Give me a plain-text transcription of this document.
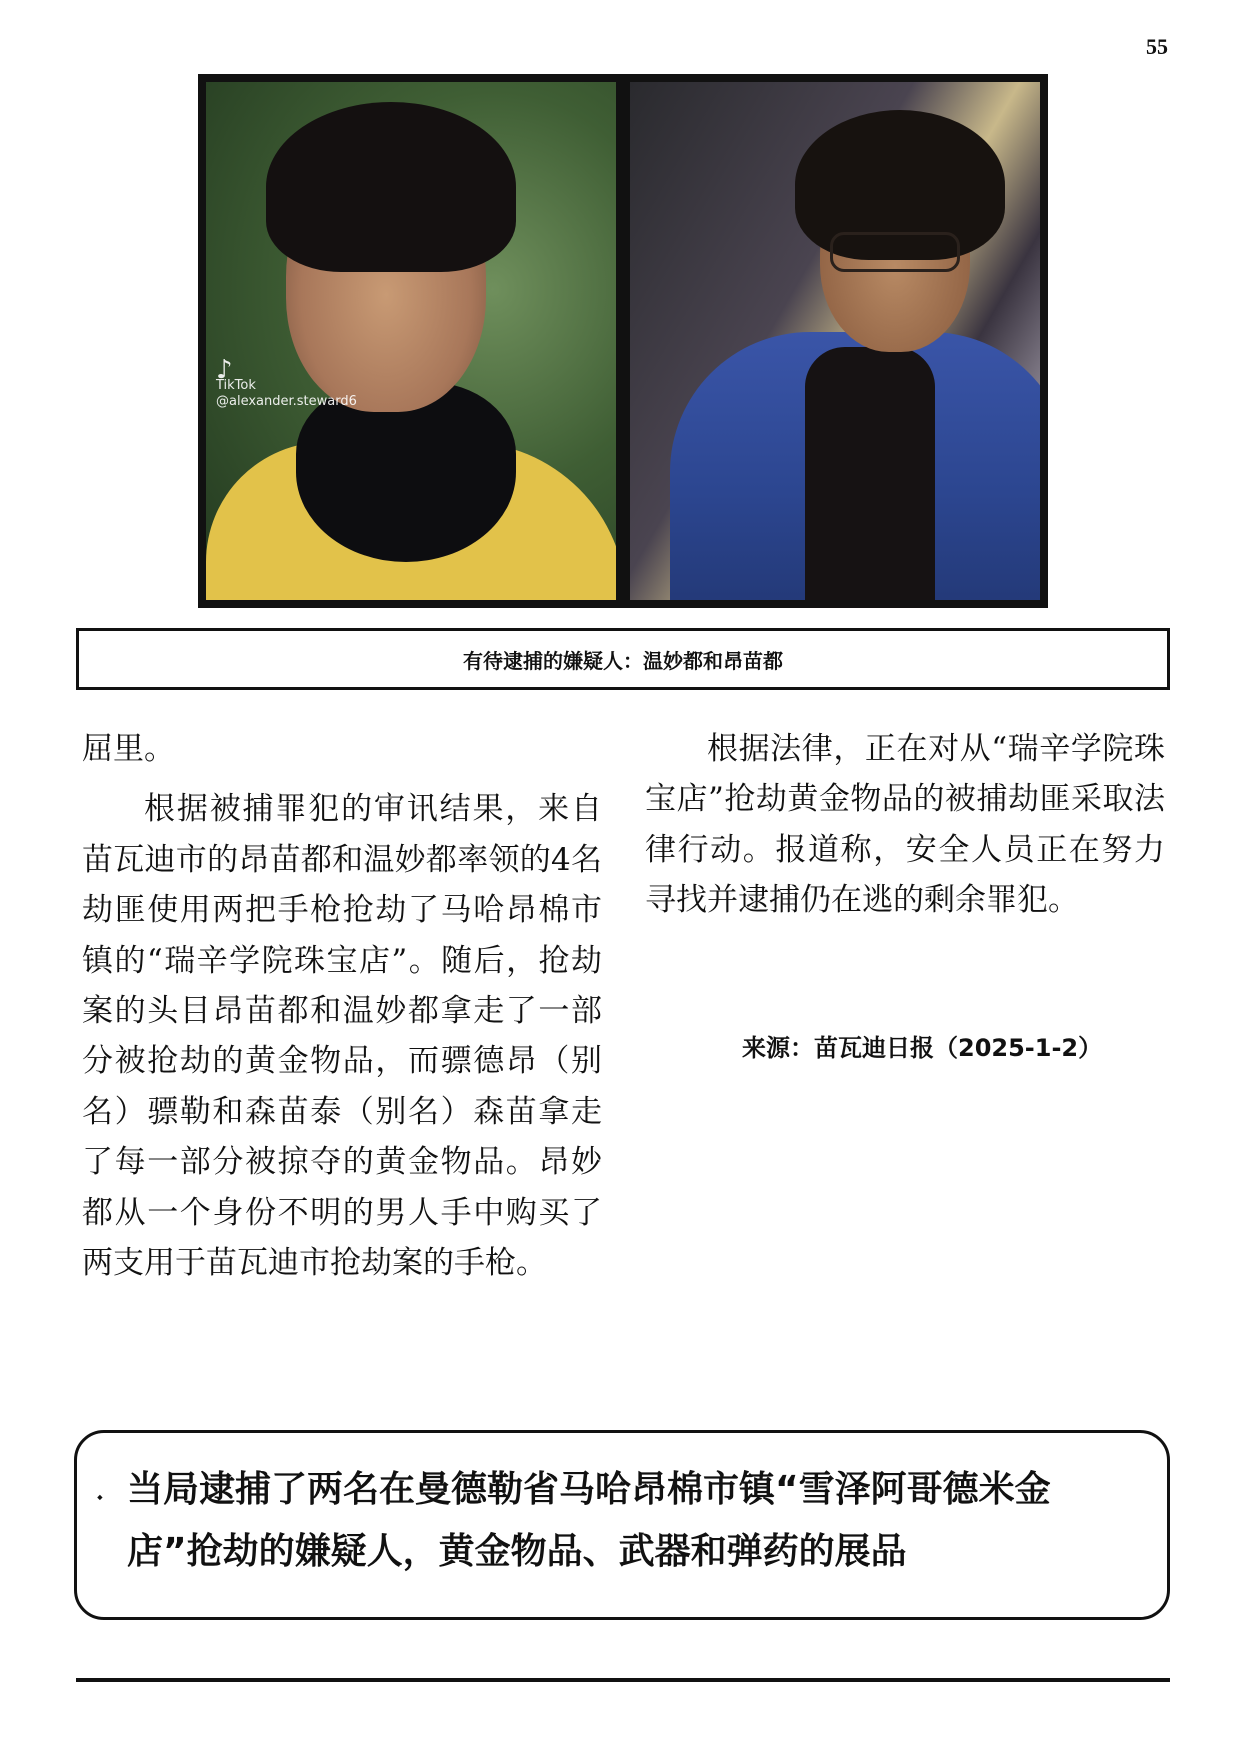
55
♪
TikTok
@alexander.steward6
有待逮捕的嫌疑人：温妙都和昂苗都

屈里。

根据被捕罪犯的审讯结果，来自苗瓦迪市的昂苗都和温妙都率领的4名劫匪使用两把手枪抢劫了马哈昂棉市镇的“瑞辛学院珠宝店”。随后，抢劫案的头目昂苗都和温妙都拿走了一部分被抢劫的黄金物品，而骠德昂（别名）骠勒和森苗泰（别名）森苗拿走了每一部分被掠夺的黄金物品。昂妙都从一个身份不明的男人手中购买了两支用于苗瓦迪市抢劫案的手枪。

根据法律，正在对从“瑞辛学院珠宝店”抢劫黄金物品的被捕劫匪采取法律行动。报道称，安全人员正在努力寻找并逮捕仍在逃的剩余罪犯。

来源：苗瓦迪日报（2025-1-2）
⬩ 当局逮捕了两名在曼德勒省马哈昂棉市镇“雪泽阿哥德米金店”抢劫的嫌疑人，黄金物品、武器和弹药的展品
